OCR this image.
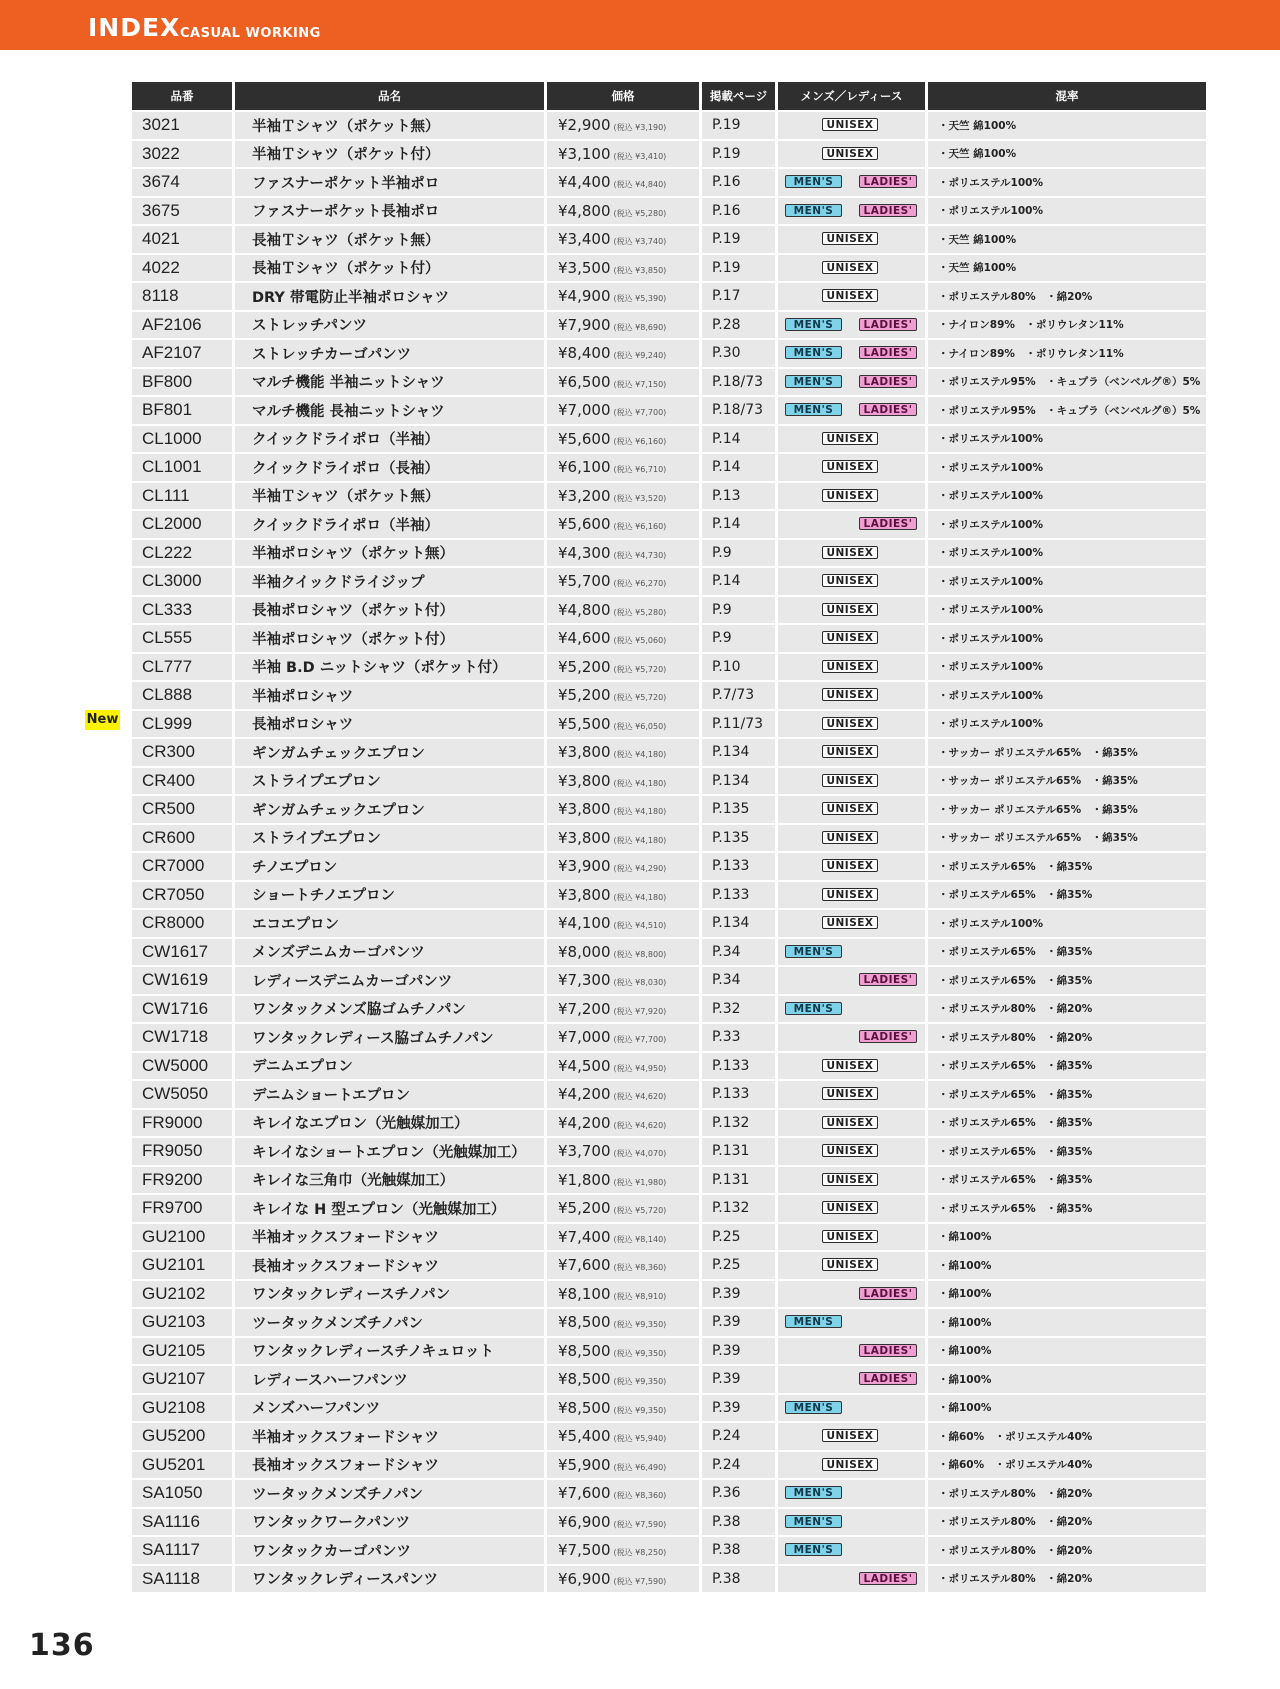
INDEX CASUAL WORKING
品番	品名	価格	掲載ページ	メンズ／レディース	混率
3021	半袖Ｔシャツ（ポケット無）	¥2,900 (税込 ¥3,190)	P.19	UNISEX	・天竺 綿100%
3022	半袖Ｔシャツ（ポケット付）	¥3,100 (税込 ¥3,410)	P.19	UNISEX	・天竺 綿100%
3674	ファスナーポケット半袖ポロ	¥4,400 (税込 ¥4,840)	P.16	MEN'S LADIES'	・ポリエステル100%
3675	ファスナーポケット長袖ポロ	¥4,800 (税込 ¥5,280)	P.16	MEN'S LADIES'	・ポリエステル100%
4021	長袖Ｔシャツ（ポケット無）	¥3,400 (税込 ¥3,740)	P.19	UNISEX	・天竺 綿100%
4022	長袖Ｔシャツ（ポケット付）	¥3,500 (税込 ¥3,850)	P.19	UNISEX	・天竺 綿100%
8118	DRY 帯電防止半袖ポロシャツ	¥4,900 (税込 ¥5,390)	P.17	UNISEX	・ポリエステル80%　・綿20%
AF2106	ストレッチパンツ	¥7,900 (税込 ¥8,690)	P.28	MEN'S LADIES'	・ナイロン89%　・ポリウレタン11%
AF2107	ストレッチカーゴパンツ	¥8,400 (税込 ¥9,240)	P.30	MEN'S LADIES'	・ナイロン89%　・ポリウレタン11%
BF800	マルチ機能 半袖ニットシャツ	¥6,500 (税込 ¥7,150)	P.18/73	MEN'S LADIES'	・ポリエステル95%　・キュプラ（ベンベルグ®）5%
BF801	マルチ機能 長袖ニットシャツ	¥7,000 (税込 ¥7,700)	P.18/73	MEN'S LADIES'	・ポリエステル95%　・キュプラ（ベンベルグ®）5%
CL1000	クイックドライポロ（半袖）	¥5,600 (税込 ¥6,160)	P.14	UNISEX	・ポリエステル100%
CL1001	クイックドライポロ（長袖）	¥6,100 (税込 ¥6,710)	P.14	UNISEX	・ポリエステル100%
CL111	半袖Ｔシャツ（ポケット無）	¥3,200 (税込 ¥3,520)	P.13	UNISEX	・ポリエステル100%
CL2000	クイックドライポロ（半袖）	¥5,600 (税込 ¥6,160)	P.14	LADIES'	・ポリエステル100%
CL222	半袖ポロシャツ（ポケット無）	¥4,300 (税込 ¥4,730)	P.9	UNISEX	・ポリエステル100%
CL3000	半袖クイックドライジップ	¥5,700 (税込 ¥6,270)	P.14	UNISEX	・ポリエステル100%
CL333	長袖ポロシャツ（ポケット付）	¥4,800 (税込 ¥5,280)	P.9	UNISEX	・ポリエステル100%
CL555	半袖ポロシャツ（ポケット付）	¥4,600 (税込 ¥5,060)	P.9	UNISEX	・ポリエステル100%
CL777	半袖 B.D ニットシャツ（ポケット付）	¥5,200 (税込 ¥5,720)	P.10	UNISEX	・ポリエステル100%
CL888	半袖ポロシャツ	¥5,200 (税込 ¥5,720)	P.7/73	UNISEX	・ポリエステル100%
CL999	長袖ポロシャツ	¥5,500 (税込 ¥6,050)	P.11/73	UNISEX	・ポリエステル100%
CR300	ギンガムチェックエプロン	¥3,800 (税込 ¥4,180)	P.134	UNISEX	・サッカー ポリエステル65%　・綿35%
CR400	ストライプエプロン	¥3,800 (税込 ¥4,180)	P.134	UNISEX	・サッカー ポリエステル65%　・綿35%
CR500	ギンガムチェックエプロン	¥3,800 (税込 ¥4,180)	P.135	UNISEX	・サッカー ポリエステル65%　・綿35%
CR600	ストライプエプロン	¥3,800 (税込 ¥4,180)	P.135	UNISEX	・サッカー ポリエステル65%　・綿35%
CR7000	チノエプロン	¥3,900 (税込 ¥4,290)	P.133	UNISEX	・ポリエステル65%　・綿35%
CR7050	ショートチノエプロン	¥3,800 (税込 ¥4,180)	P.133	UNISEX	・ポリエステル65%　・綿35%
CR8000	エコエプロン	¥4,100 (税込 ¥4,510)	P.134	UNISEX	・ポリエステル100%
CW1617	メンズデニムカーゴパンツ	¥8,000 (税込 ¥8,800)	P.34	MEN'S	・ポリエステル65%　・綿35%
CW1619	レディースデニムカーゴパンツ	¥7,300 (税込 ¥8,030)	P.34	LADIES'	・ポリエステル65%　・綿35%
CW1716	ワンタックメンズ脇ゴムチノパン	¥7,200 (税込 ¥7,920)	P.32	MEN'S	・ポリエステル80%　・綿20%
CW1718	ワンタックレディース脇ゴムチノパン	¥7,000 (税込 ¥7,700)	P.33	LADIES'	・ポリエステル80%　・綿20%
CW5000	デニムエプロン	¥4,500 (税込 ¥4,950)	P.133	UNISEX	・ポリエステル65%　・綿35%
CW5050	デニムショートエプロン	¥4,200 (税込 ¥4,620)	P.133	UNISEX	・ポリエステル65%　・綿35%
FR9000	キレイなエプロン（光触媒加工）	¥4,200 (税込 ¥4,620)	P.132	UNISEX	・ポリエステル65%　・綿35%
FR9050	キレイなショートエプロン（光触媒加工）	¥3,700 (税込 ¥4,070)	P.131	UNISEX	・ポリエステル65%　・綿35%
FR9200	キレイな三角巾（光触媒加工）	¥1,800 (税込 ¥1,980)	P.131	UNISEX	・ポリエステル65%　・綿35%
FR9700	キレイな H 型エプロン（光触媒加工）	¥5,200 (税込 ¥5,720)	P.132	UNISEX	・ポリエステル65%　・綿35%
GU2100	半袖オックスフォードシャツ	¥7,400 (税込 ¥8,140)	P.25	UNISEX	・綿100%
GU2101	長袖オックスフォードシャツ	¥7,600 (税込 ¥8,360)	P.25	UNISEX	・綿100%
GU2102	ワンタックレディースチノパン	¥8,100 (税込 ¥8,910)	P.39	LADIES'	・綿100%
GU2103	ツータックメンズチノパン	¥8,500 (税込 ¥9,350)	P.39	MEN'S	・綿100%
GU2105	ワンタックレディースチノキュロット	¥8,500 (税込 ¥9,350)	P.39	LADIES'	・綿100%
GU2107	レディースハーフパンツ	¥8,500 (税込 ¥9,350)	P.39	LADIES'	・綿100%
GU2108	メンズハーフパンツ	¥8,500 (税込 ¥9,350)	P.39	MEN'S	・綿100%
GU5200	半袖オックスフォードシャツ	¥5,400 (税込 ¥5,940)	P.24	UNISEX	・綿60%　・ポリエステル40%
GU5201	長袖オックスフォードシャツ	¥5,900 (税込 ¥6,490)	P.24	UNISEX	・綿60%　・ポリエステル40%
SA1050	ツータックメンズチノパン	¥7,600 (税込 ¥8,360)	P.36	MEN'S	・ポリエステル80%　・綿20%
SA1116	ワンタックワークパンツ	¥6,900 (税込 ¥7,590)	P.38	MEN'S	・ポリエステル80%　・綿20%
SA1117	ワンタックカーゴパンツ	¥7,500 (税込 ¥8,250)	P.38	MEN'S	・ポリエステル80%　・綿20%
SA1118	ワンタックレディースパンツ	¥6,900 (税込 ¥7,590)	P.38	LADIES'	・ポリエステル80%　・綿20%
New
136
